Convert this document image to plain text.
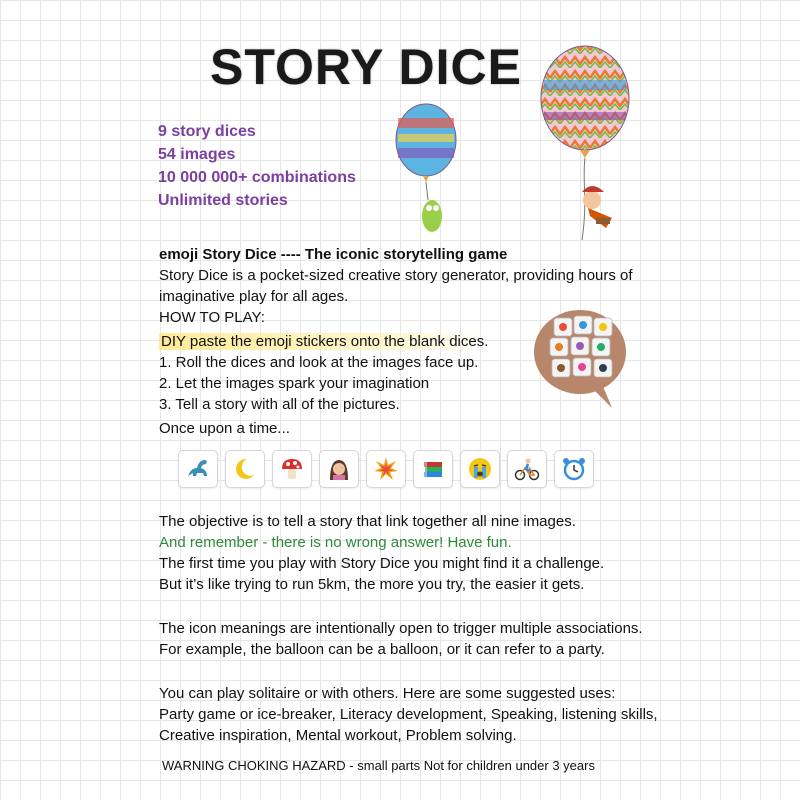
STORY DICE
9 story dices
54 images
10 000 000+ combinations
Unlimited stories
emoji Story Dice ---- The iconic storytelling game
Story Dice is a pocket-sized creative story generator, providing hours of
imaginative play for all ages.
HOW TO PLAY:
DIY paste the emoji stickers onto the blank dices.
1. Roll the dices and look at the images face up.
2. Let the images spark your imagination
3. Tell a story with all of the pictures.
Once upon a time...
The objective is to tell a story that link together all nine images.
And remember - there is no wrong answer! Have fun.
The first time you play with Story Dice you might find it a challenge.
But it’s like trying to run 5km, the more you try, the easier it gets.
The icon meanings are intentionally open to trigger multiple associations.
For example, the balloon can be a balloon, or it can refer to a party.
You can play solitaire or with others. Here are some suggested uses:
Party game or ice-breaker, Literacy development, Speaking, listening skills,
Creative inspiration, Mental workout, Problem solving.
WARNING CHOKING HAZARD - small parts Not for children under 3 years
